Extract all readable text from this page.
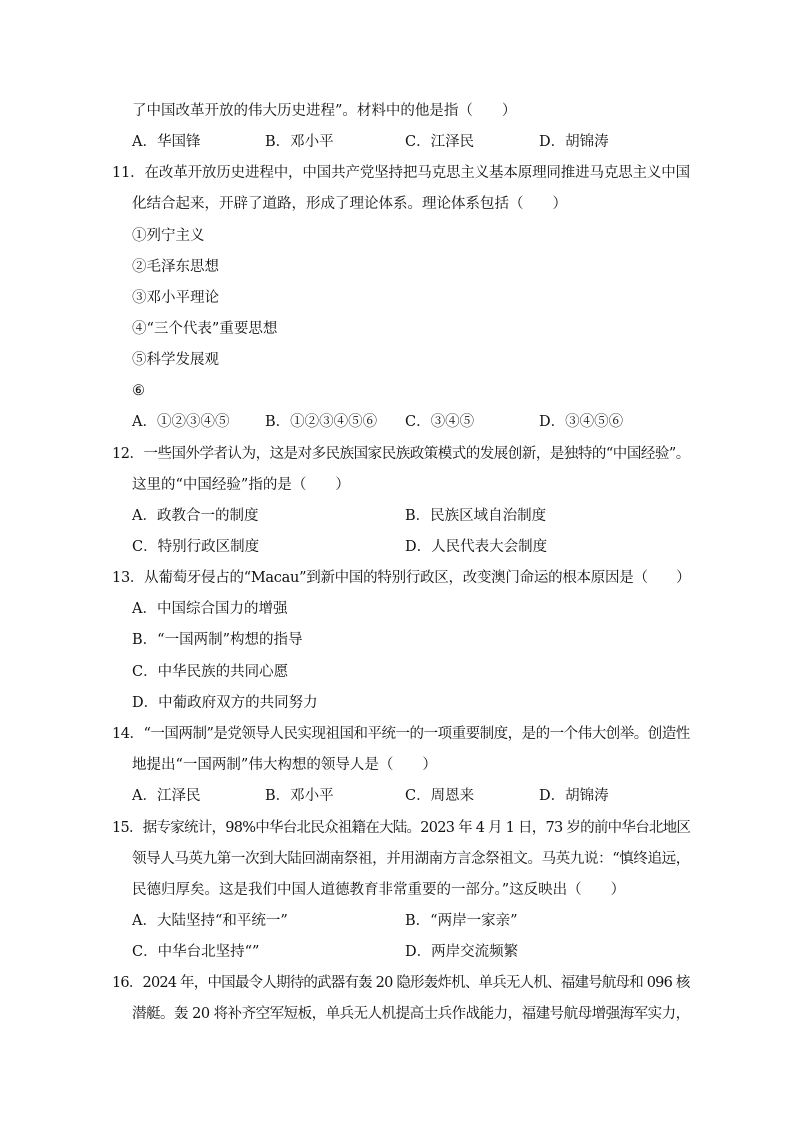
了中国改革开放的伟大历史进程”。材料中的他是指（　　）
A．华国锋	B．邓小平	C．江泽民	D．胡锦涛
11．在改革开放历史进程中，中国共产党坚持把马克思主义基本原理同推进马克思主义中国
化结合起来，开辟了道路，形成了理论体系。理论体系包括（　　）
①列宁主义
②毛泽东思想
③邓小平理论
④“三个代表”重要思想
⑤科学发展观
⑥
A．①②③④⑤ B．①②③④⑤⑥ C．③④⑤	D．③④⑤⑥
12．一些国外学者认为，这是对多民族国家民族政策模式的发展创新，是独特的“中国经验”。
这里的“中国经验”指的是（　　）
A．政教合一的制度	B．民族区域自治制度
C．特别行政区制度	D．人民代表大会制度
13．从葡萄牙侵占的“Macau”到新中国的特别行政区，改变澳门命运的根本原因是（　　）
A．中国综合国力的增强
B．“一国两制”构想的指导
C．中华民族的共同心愿
D．中葡政府双方的共同努力
14．“一国两制”是党领导人民实现祖国和平统一的一项重要制度，是的一个伟大创举。创造性
地提出“一国两制”伟大构想的领导人是（　　）
A．江泽民	B．邓小平	C．周恩来	D．胡锦涛
15．据专家统计，98%中华台北民众祖籍在大陆。2023 年 4 月 1 日，73 岁的前中华台北地区
领导人马英九第一次到大陆回湖南祭祖，并用湖南方言念祭祖文。马英九说：“慎终追远，
民德归厚矣。这是我们中国人道德教育非常重要的一部分。”这反映出（　　）
A．大陆坚持“和平统一”	B．“两岸一家亲”
C．中华台北坚持“”	D．两岸交流频繁
16．2024 年，中国最令人期待的武器有轰 20 隐形轰炸机、单兵无人机、福建号航母和 096 核
潜艇。轰 20 将补齐空军短板，单兵无人机提高士兵作战能力，福建号航母增强海军实力，
